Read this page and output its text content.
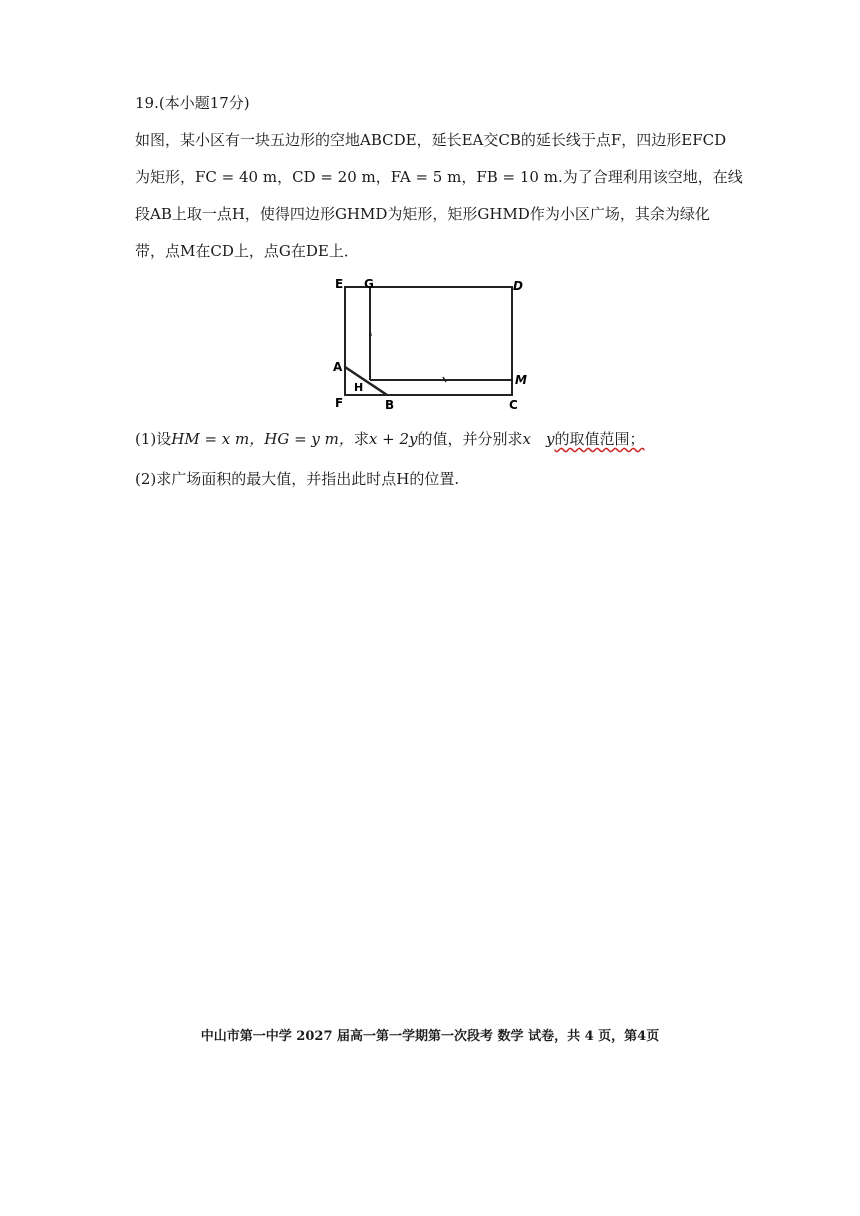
19.(本小题17分)
如图，某小区有一块五边形的空地ABCDE，延长EA交CB的延长线于点F，四边形EFCD
为矩形，FC = 40 m，CD = 20 m，FA = 5 m，FB = 10 m.为了合理利用该空地，在线
段AB上取一点H，使得四边形GHMD为矩形，矩形GHMD作为小区广场，其余为绿化
带，点M在CD上，点G在DE上．
E G	D
A
H
M
F	B	C
(1)设HM = x m，HG = y m，求x + 2y的值，并分别求x　y的取值范围；
(2)求广场面积的最大值，并指出此时点H的位置.
中山市第一中学 2027 届高一第一学期第一次段考 数学 试卷，共 4 页，第4页
